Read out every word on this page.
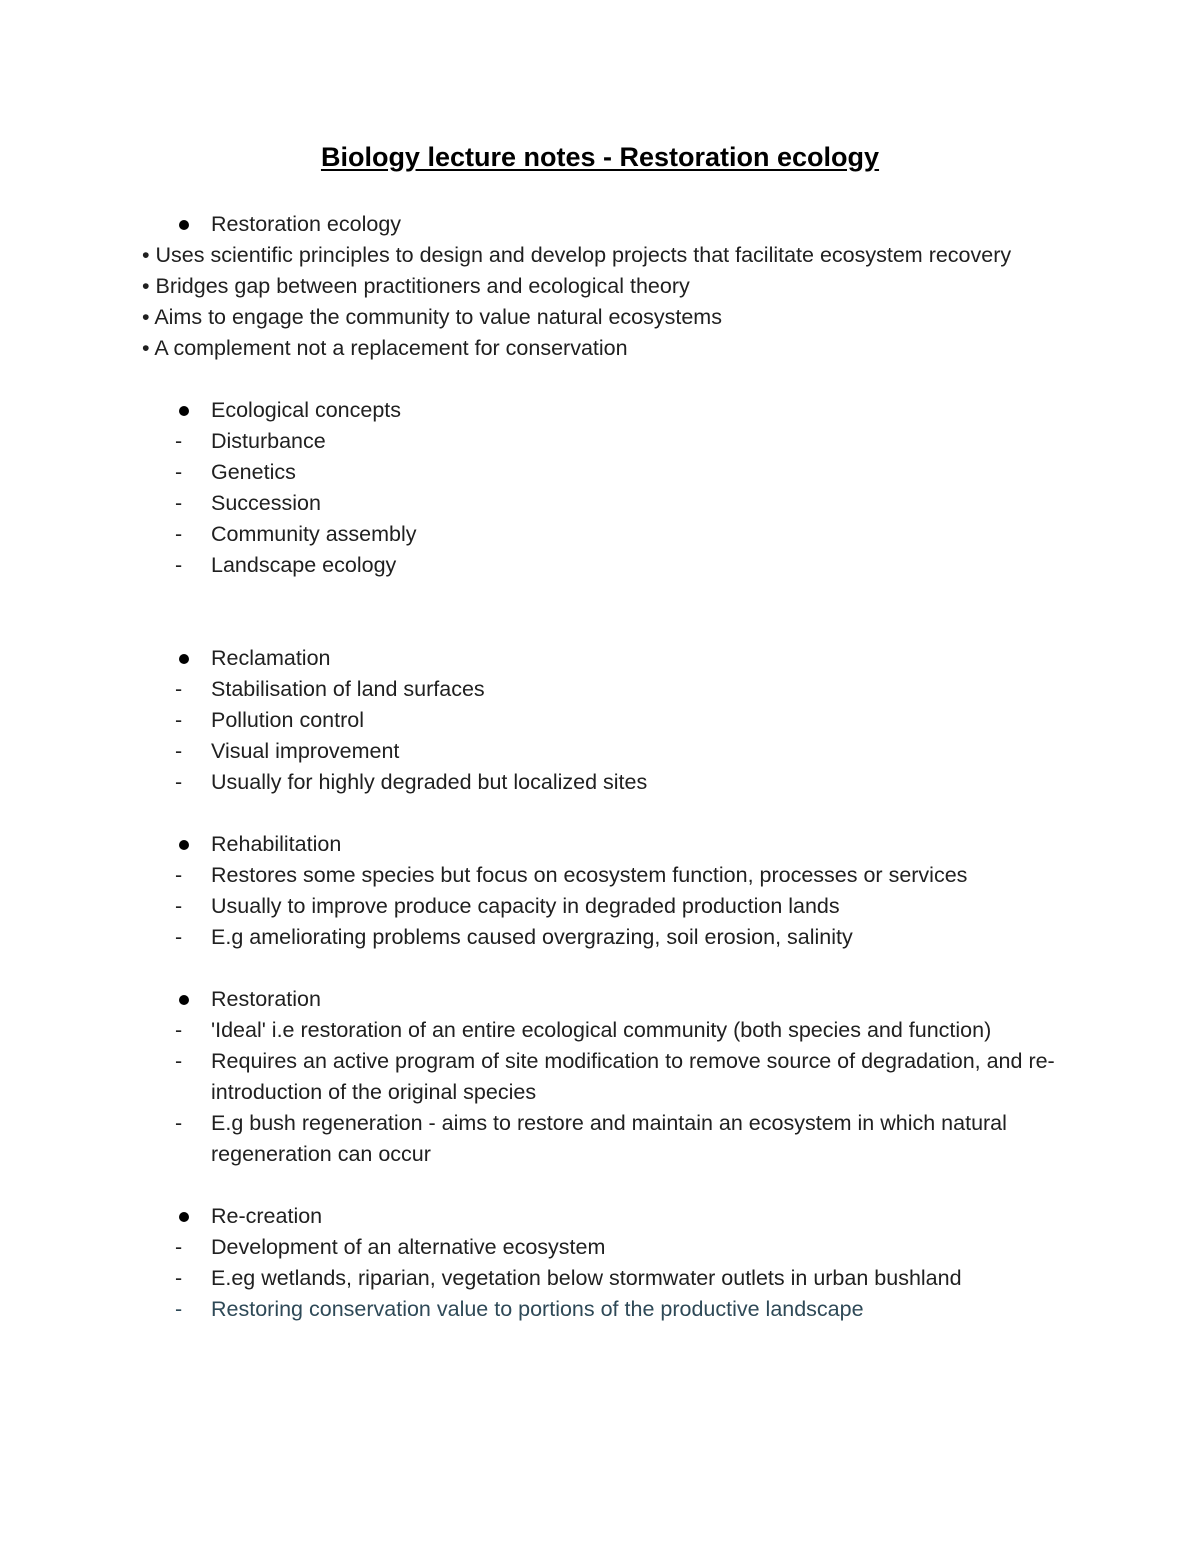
Biology lecture notes - Restoration ecology
Restoration ecology
• Uses scientific principles to design and develop projects that facilitate ecosystem recovery
• Bridges gap between practitioners and ecological theory
• Aims to engage the community to value natural ecosystems
• A complement not a replacement for conservation
Ecological concepts
- Disturbance
- Genetics
- Succession
- Community assembly
- Landscape ecology
Reclamation
- Stabilisation of land surfaces
- Pollution control
- Visual improvement
- Usually for highly degraded but localized sites
Rehabilitation
- Restores some species but focus on ecosystem function, processes or services
- Usually to improve produce capacity in degraded production lands
- E.g ameliorating problems caused overgrazing, soil erosion, salinity
Restoration
- 'Ideal' i.e restoration of an entire ecological community (both species and function)
- Requires an active program of site modification to remove source of degradation, and re-introduction of the original species
- E.g bush regeneration - aims to restore and maintain an ecosystem in which natural regeneration can occur
Re-creation
- Development of an alternative ecosystem
- E.eg wetlands, riparian, vegetation below stormwater outlets in urban bushland
- Restoring conservation value to portions of the productive landscape
